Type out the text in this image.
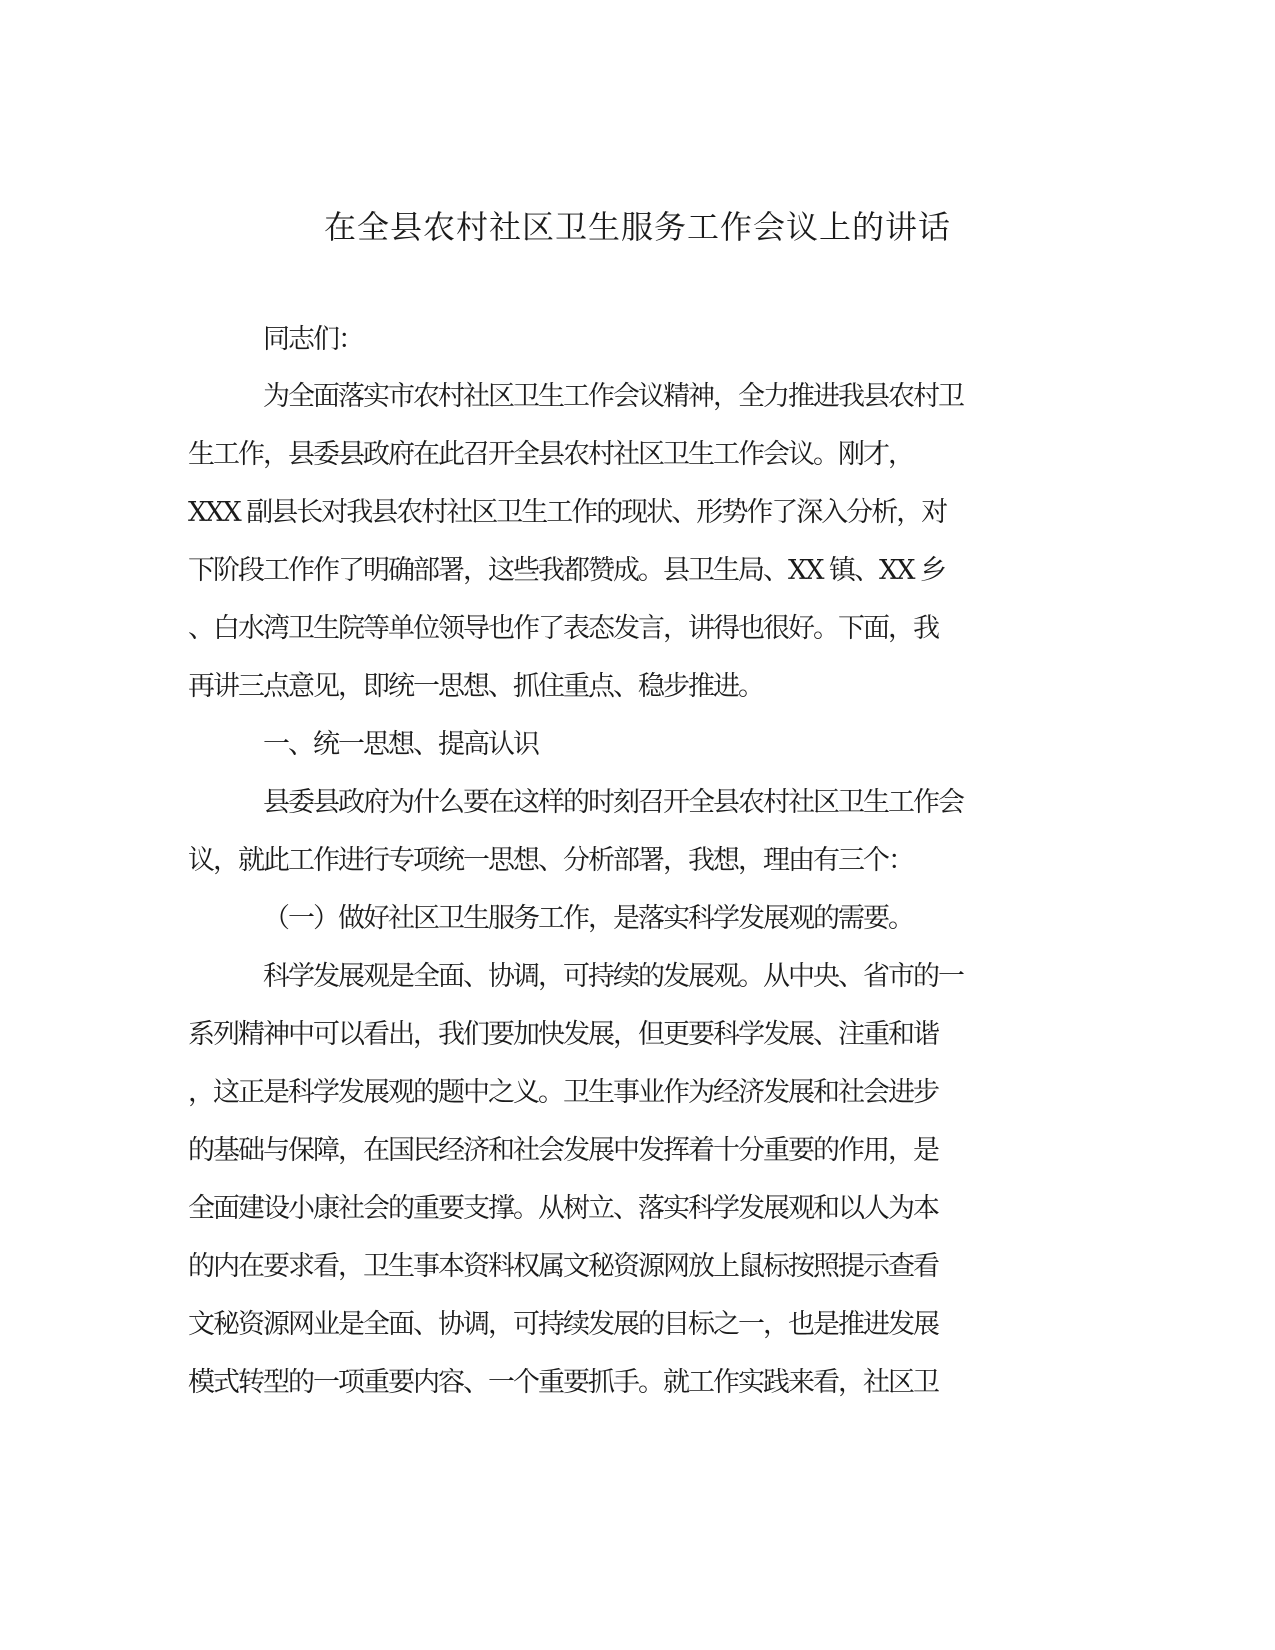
在全县农村社区卫生服务工作会议上的讲话

同志们：

为全面落实市农村社区卫生工作会议精神，全力推进我县农村卫

生工作，县委县政府在此召开全县农村社区卫生工作会议。刚才，

XXX 副县长对我县农村社区卫生工作的现状、形势作了深入分析，对

下阶段工作作了明确部署，这些我都赞成。县卫生局、XX 镇、XX 乡

、白水湾卫生院等单位领导也作了表态发言，讲得也很好。下面，我

再讲三点意见，即统一思想、抓住重点、稳步推进。

一、统一思想、提高认识

县委县政府为什么要在这样的时刻召开全县农村社区卫生工作会

议，就此工作进行专项统一思想、分析部署，我想，理由有三个：

（一）做好社区卫生服务工作，是落实科学发展观的需要。

科学发展观是全面、协调，可持续的发展观。从中央、省市的一

系列精神中可以看出，我们要加快发展，但更要科学发展、注重和谐

，这正是科学发展观的题中之义。卫生事业作为经济发展和社会进步

的基础与保障，在国民经济和社会发展中发挥着十分重要的作用，是

全面建设小康社会的重要支撑。从树立、落实科学发展观和以人为本

的内在要求看，卫生事本资料权属文秘资源网放上鼠标按照提示查看

文秘资源网业是全面、协调，可持续发展的目标之一，也是推进发展

模式转型的一项重要内容、一个重要抓手。就工作实践来看，社区卫
